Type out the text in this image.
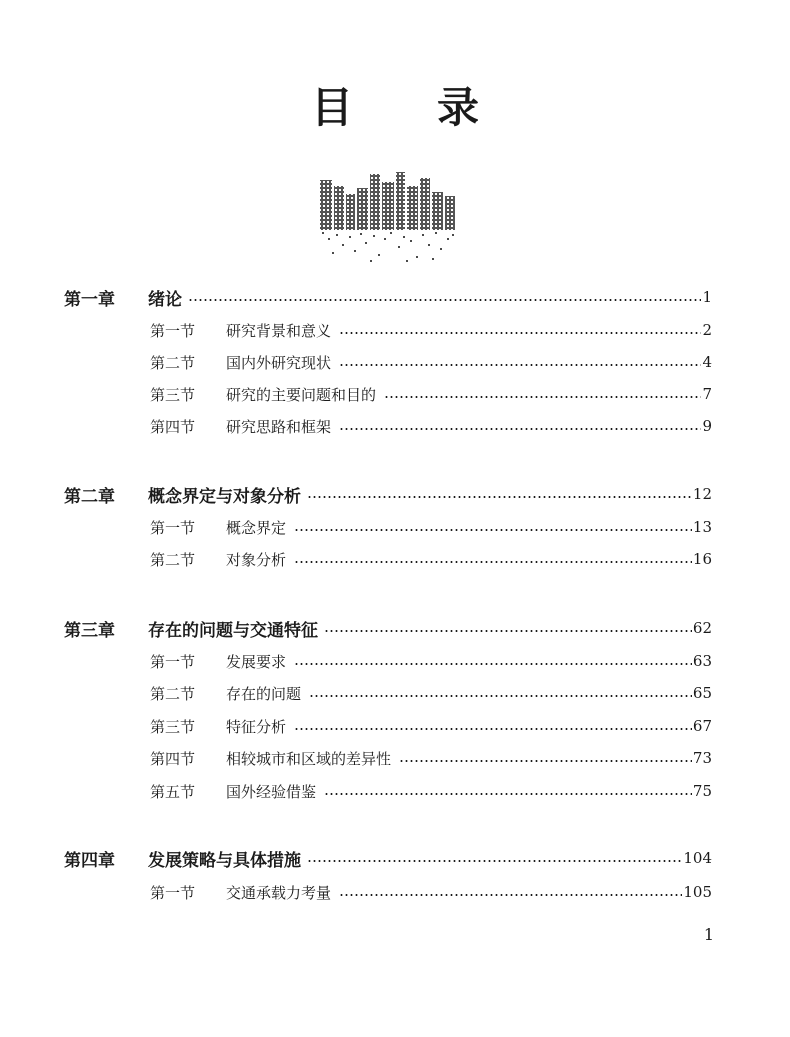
目 录
第一章	绪论	1
第一节	研究背景和意义	2
第二节	国内外研究现状	4
第三节	研究的主要问题和目的	7
第四节	研究思路和框架	9
第二章	概念界定与对象分析	12
第一节	概念界定	13
第二节	对象分析	16
第三章	存在的问题与交通特征	62
第一节	发展要求	63
第二节	存在的问题	65
第三节	特征分析	67
第四节	相较城市和区域的差异性	73
第五节	国外经验借鉴	75
第四章	发展策略与具体措施	104
第一节	交通承载力考量	105
1
